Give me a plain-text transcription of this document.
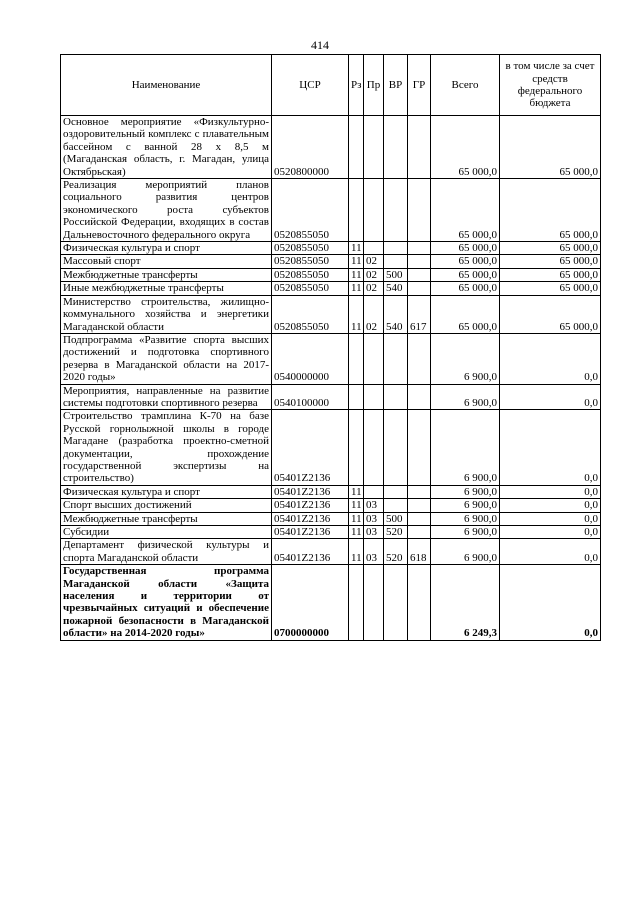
414
Наименование	ЦСР	Рз	Пр	ВР	ГР	Всего	в том числе за счет средств федерального бюджета
Основное мероприятие «Физкультурно-оздоровительный комплекс с плавательным бассейном с ванной 28 х 8,5 м (Магаданская область, г. Магадан, улица Октябрьская)	0520800000					65 000,0	65 000,0
Реализация мероприятий планов социального развития центров экономического роста субъектов Российской Федерации, входящих в состав Дальневосточного федерального округа	0520855050					65 000,0	65 000,0
Физическая культура и спорт	0520855050	11				65 000,0	65 000,0
Массовый спорт	0520855050	11	02			65 000,0	65 000,0
Межбюджетные трансферты	0520855050	11	02	500		65 000,0	65 000,0
Иные межбюджетные трансферты	0520855050	11	02	540		65 000,0	65 000,0
Министерство строительства, жилищно-коммунального хозяйства и энергетики Магаданской области	0520855050	11	02	540	617	65 000,0	65 000,0
Подпрограмма «Развитие спорта высших достижений и подготовка спортивного резерва в Магаданской области на 2017-2020 годы»	0540000000					6 900,0	0,0
Мероприятия, направленные на развитие системы подготовки спортивного резерва	0540100000					6 900,0	0,0
Строительство трамплина К-70 на базе Русской горнолыжной школы в городе Магадане (разработка проектно-сметной документации, прохождение государственной экспертизы на строительство)	05401Z2136					6 900,0	0,0
Физическая культура и спорт	05401Z2136	11				6 900,0	0,0
Спорт высших достижений	05401Z2136	11	03			6 900,0	0,0
Межбюджетные трансферты	05401Z2136	11	03	500		6 900,0	0,0
Субсидии	05401Z2136	11	03	520		6 900,0	0,0
Департамент физической культуры и спорта Магаданской области	05401Z2136	11	03	520	618	6 900,0	0,0
Государственная программа Магаданской области «Защита населения и территории от чрезвычайных ситуаций и обеспечение пожарной безопасности в Магаданской области» на 2014-2020 годы»	0700000000					6 249,3	0,0
